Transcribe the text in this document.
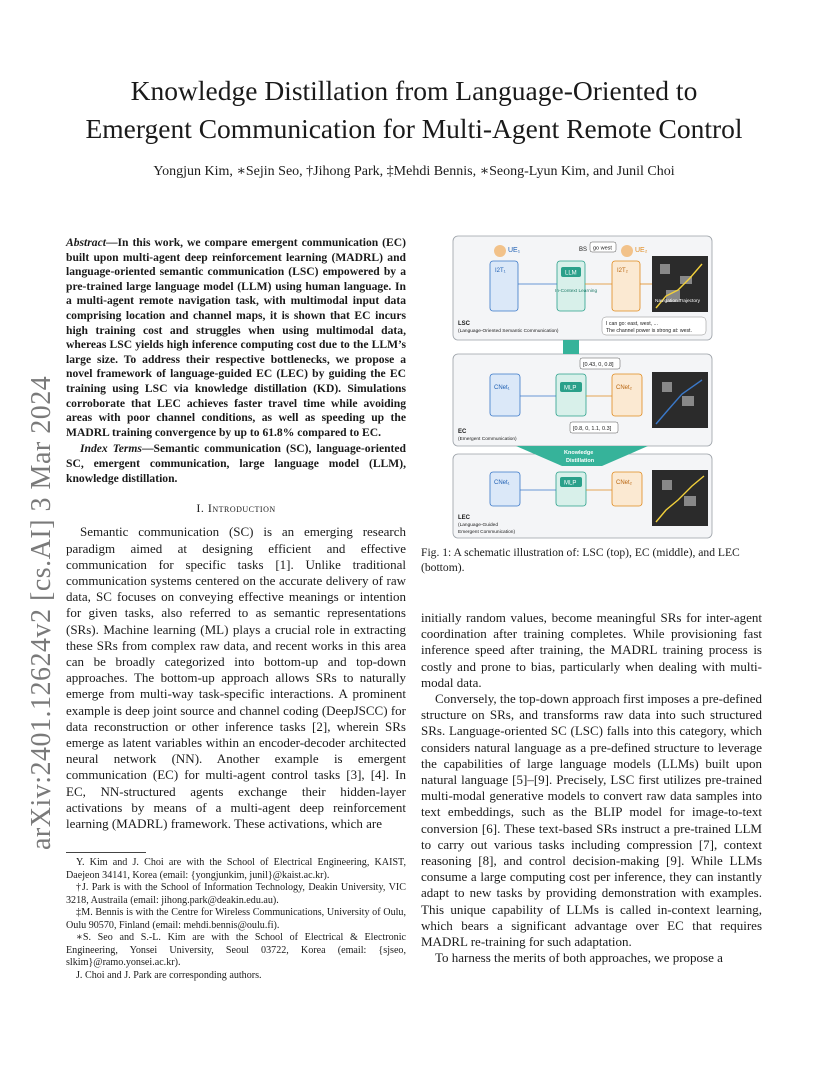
Knowledge Distillation from Language-Oriented to
Emergent Communication for Multi-Agent Remote Control
Yongjun Kim, ∗Sejin Seo, †Jihong Park, ‡Mehdi Bennis, ∗Seong-Lyun Kim, and Junil Choi
arXiv:2401.12624v2 [cs.AI] 3 Mar 2024
Abstract—In this work, we compare emergent communication (EC) built upon multi-agent deep reinforcement learning (MADRL) and language-oriented semantic communication (LSC) empowered by a pre-trained large language model (LLM) using human language. In a multi-agent remote navigation task, with multimodal input data comprising location and channel maps, it is shown that EC incurs high training cost and struggles when using multimodal data, whereas LSC yields high inference computing cost due to the LLM’s large size. To address their respective bottlenecks, we propose a novel framework of language-guided EC (LEC) by guiding the EC training using LSC via knowledge distillation (KD). Simulations corroborate that LEC achieves faster travel time while avoiding areas with poor channel conditions, as well as speeding up the MADRL training convergence by up to 61.8% compared to EC.
Index Terms—Semantic communication (SC), language-oriented SC, emergent communication, large language model (LLM), knowledge distillation.
I. Introduction

Semantic communication (SC) is an emerging research paradigm aimed at designing efficient and effective communication for specific tasks [1]. Unlike traditional communication systems centered on the accurate delivery of raw data, SC focuses on conveying effective meanings or intention for given tasks, also referred to as semantic representations (SRs). Machine learning (ML) plays a crucial role in extracting these SRs from complex raw data, and recent works in this area can be broadly categorized into bottom-up and top-down approaches. The bottom-up approach allows SRs to naturally emerge from multi-way task-specific interactions. A prominent example is deep joint source and channel coding (DeepJSCC) for data reconstruction or other inference tasks [2], wherein SRs emerge as latent variables within an encoder-decoder architected neural network (NN). Another example is emergent communication (EC) for multi-agent control tasks [3], [4]. In EC, NN-structured agents exchange their hidden-layer activations by means of a multi-agent deep reinforcement learning (MADRL) framework. These activations, which are

Y. Kim and J. Choi are with the School of Electrical Engineering, KAIST, Daejeon 34141, Korea (email: {yongjunkim, junil}@kaist.ac.kr).

†J. Park is with the School of Information Technology, Deakin University, VIC 3218, Austraila (email: jihong.park@deakin.edu.au).

‡M. Bennis is with the Centre for Wireless Communications, University of Oulu, Oulu 90570, Finland (email: mehdi.bennis@oulu.fi).

∗S. Seo and S.-L. Kim are with the School of Electrical & Electronic Engineering, Yonsei University, Seoul 03722, Korea (email: {sjseo, slkim}@ramo.yonsei.ac.kr).

J. Choi and J. Park are corresponding authors.

UE₁	BS go west	UE₂
I2T₁	LLM
In-Context Learning
I2T₂
Navigation Trajectory
I can go: east, west, ...
The channel power is strong at: west.
LSC
(Language-Oriented Semantic Communication)
[0.43, 0, 0.8]
CNet₁	MLP	CNet₂
[0.8, 0, 1.1, 0.3]
EC
(Emergent Communication)
Knowledge
Distillation
CNet₁	MLP	CNet₂
LEC
(Language-Guided
Emergent Communication)
Fig. 1: A schematic illustration of: LSC (top), EC (middle), and LEC (bottom).

initially random values, become meaningful SRs for inter-agent coordination after training completes. While provisioning fast inference speed after training, the MADRL training process is costly and prone to bias, particularly when dealing with multi-modal data.

Conversely, the top-down approach first imposes a pre-defined structure on SRs, and transforms raw data into such structured SRs. Language-oriented SC (LSC) falls into this category, which considers natural language as a pre-defined structure to leverage the capabilities of large language models (LLMs) built upon natural language [5]–[9]. Precisely, LSC first utilizes pre-trained multi-modal generative models to convert raw data samples into text embeddings, such as the BLIP model for image-to-text conversion [6]. These text-based SRs instruct a pre-trained LLM to carry out various tasks including compression [7], context reasoning [8], and control decision-making [9]. While LLMs consume a large computing cost per inference, they can instantly adapt to new tasks by providing demonstration with examples. This unique capability of LLMs is called in-context learning, which bears a significant advantage over EC that requires MADRL re-training for such adaptation.

To harness the merits of both approaches, we propose a
